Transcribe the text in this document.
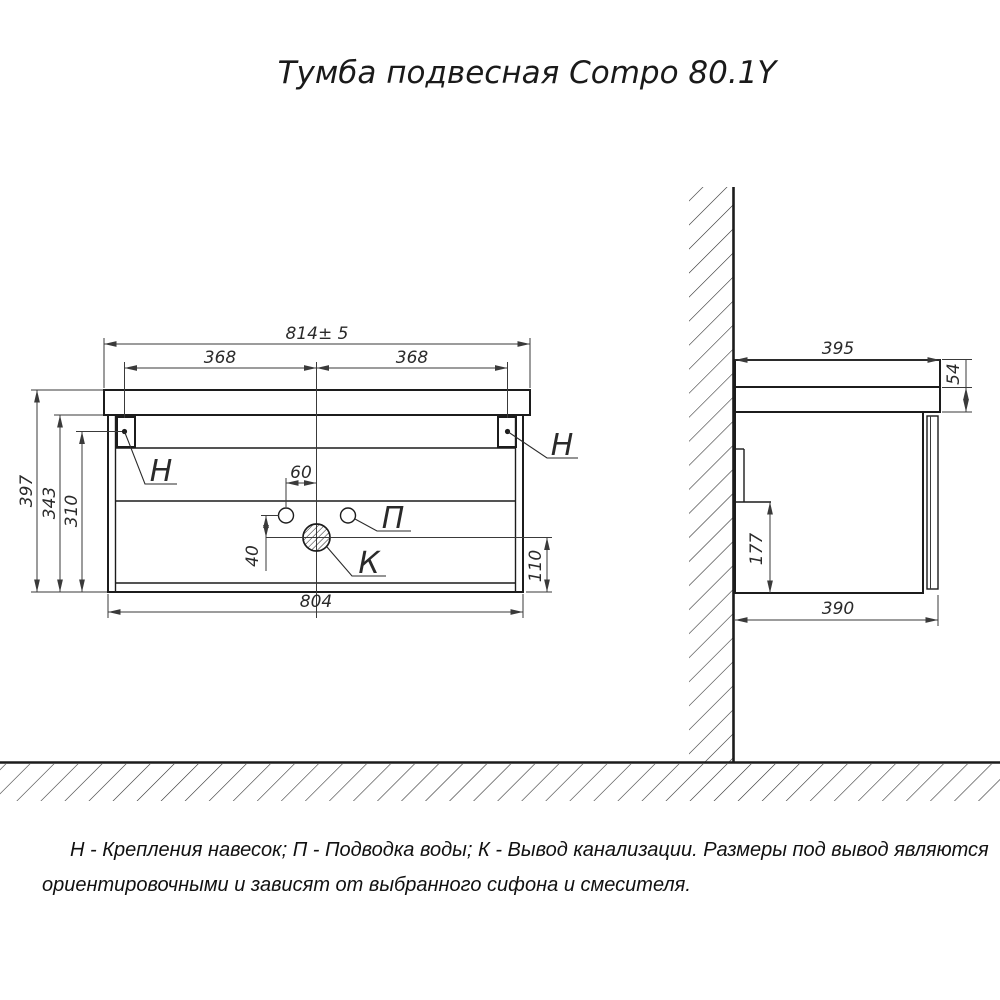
Тумба подвесная Compo 80.1Y
814± 5
368	368
397 343 310
60
40	110
804
Н
Н
П
К
395
54
177
390
Н - Крепления навесок; П - Подводка воды; К - Вывод канализации. Размеры под вывод являются
ориентировочными и зависят от выбранного сифона и смесителя.
